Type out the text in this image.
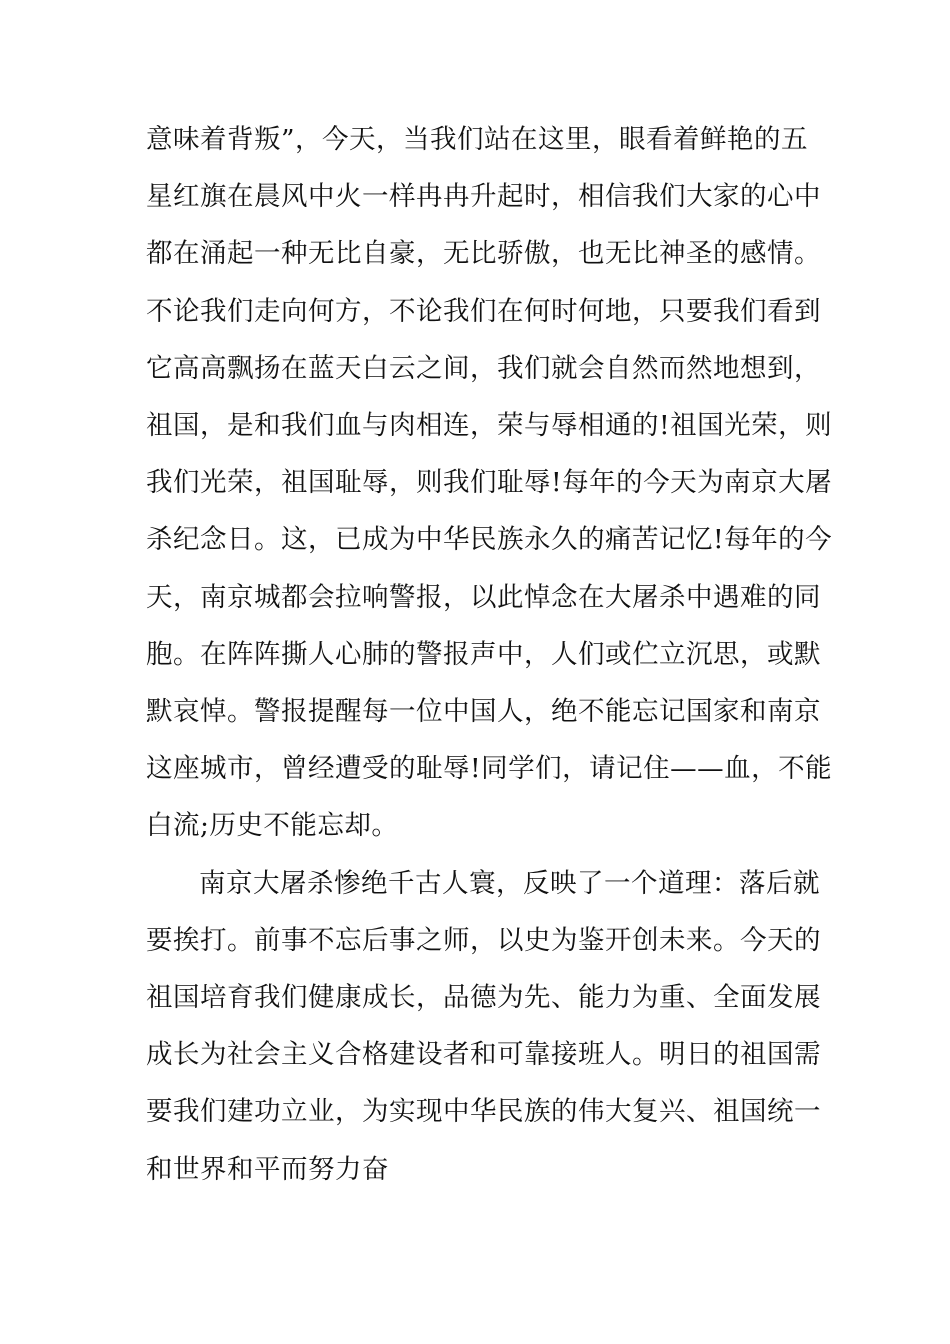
意味着背叛”，今天，当我们站在这里，眼看着鲜艳的五
星红旗在晨风中火一样冉冉升起时，相信我们大家的心中
都在涌起一种无比自豪，无比骄傲，也无比神圣的感情。
不论我们走向何方，不论我们在何时何地，只要我们看到
它高高飘扬在蓝天白云之间，我们就会自然而然地想到，
祖国，是和我们血与肉相连，荣与辱相通的!祖国光荣，则
我们光荣，祖国耻辱，则我们耻辱!每年的今天为南京大屠
杀纪念日。这，已成为中华民族永久的痛苦记忆!每年的今
天，南京城都会拉响警报，以此悼念在大屠杀中遇难的同
胞。在阵阵撕人心肺的警报声中，人们或伫立沉思，或默
默哀悼。警报提醒每一位中国人，绝不能忘记国家和南京
这座城市，曾经遭受的耻辱!同学们，请记住——血，不能
白流;历史不能忘却。
南京大屠杀惨绝千古人寰，反映了一个道理：落后就
要挨打。前事不忘后事之师，以史为鉴开创未来。今天的
祖国培育我们健康成长，品德为先、能力为重、全面发展
成长为社会主义合格建设者和可靠接班人。明日的祖国需
要我们建功立业，为实现中华民族的伟大复兴、祖国统一
和世界和平而努力奋
